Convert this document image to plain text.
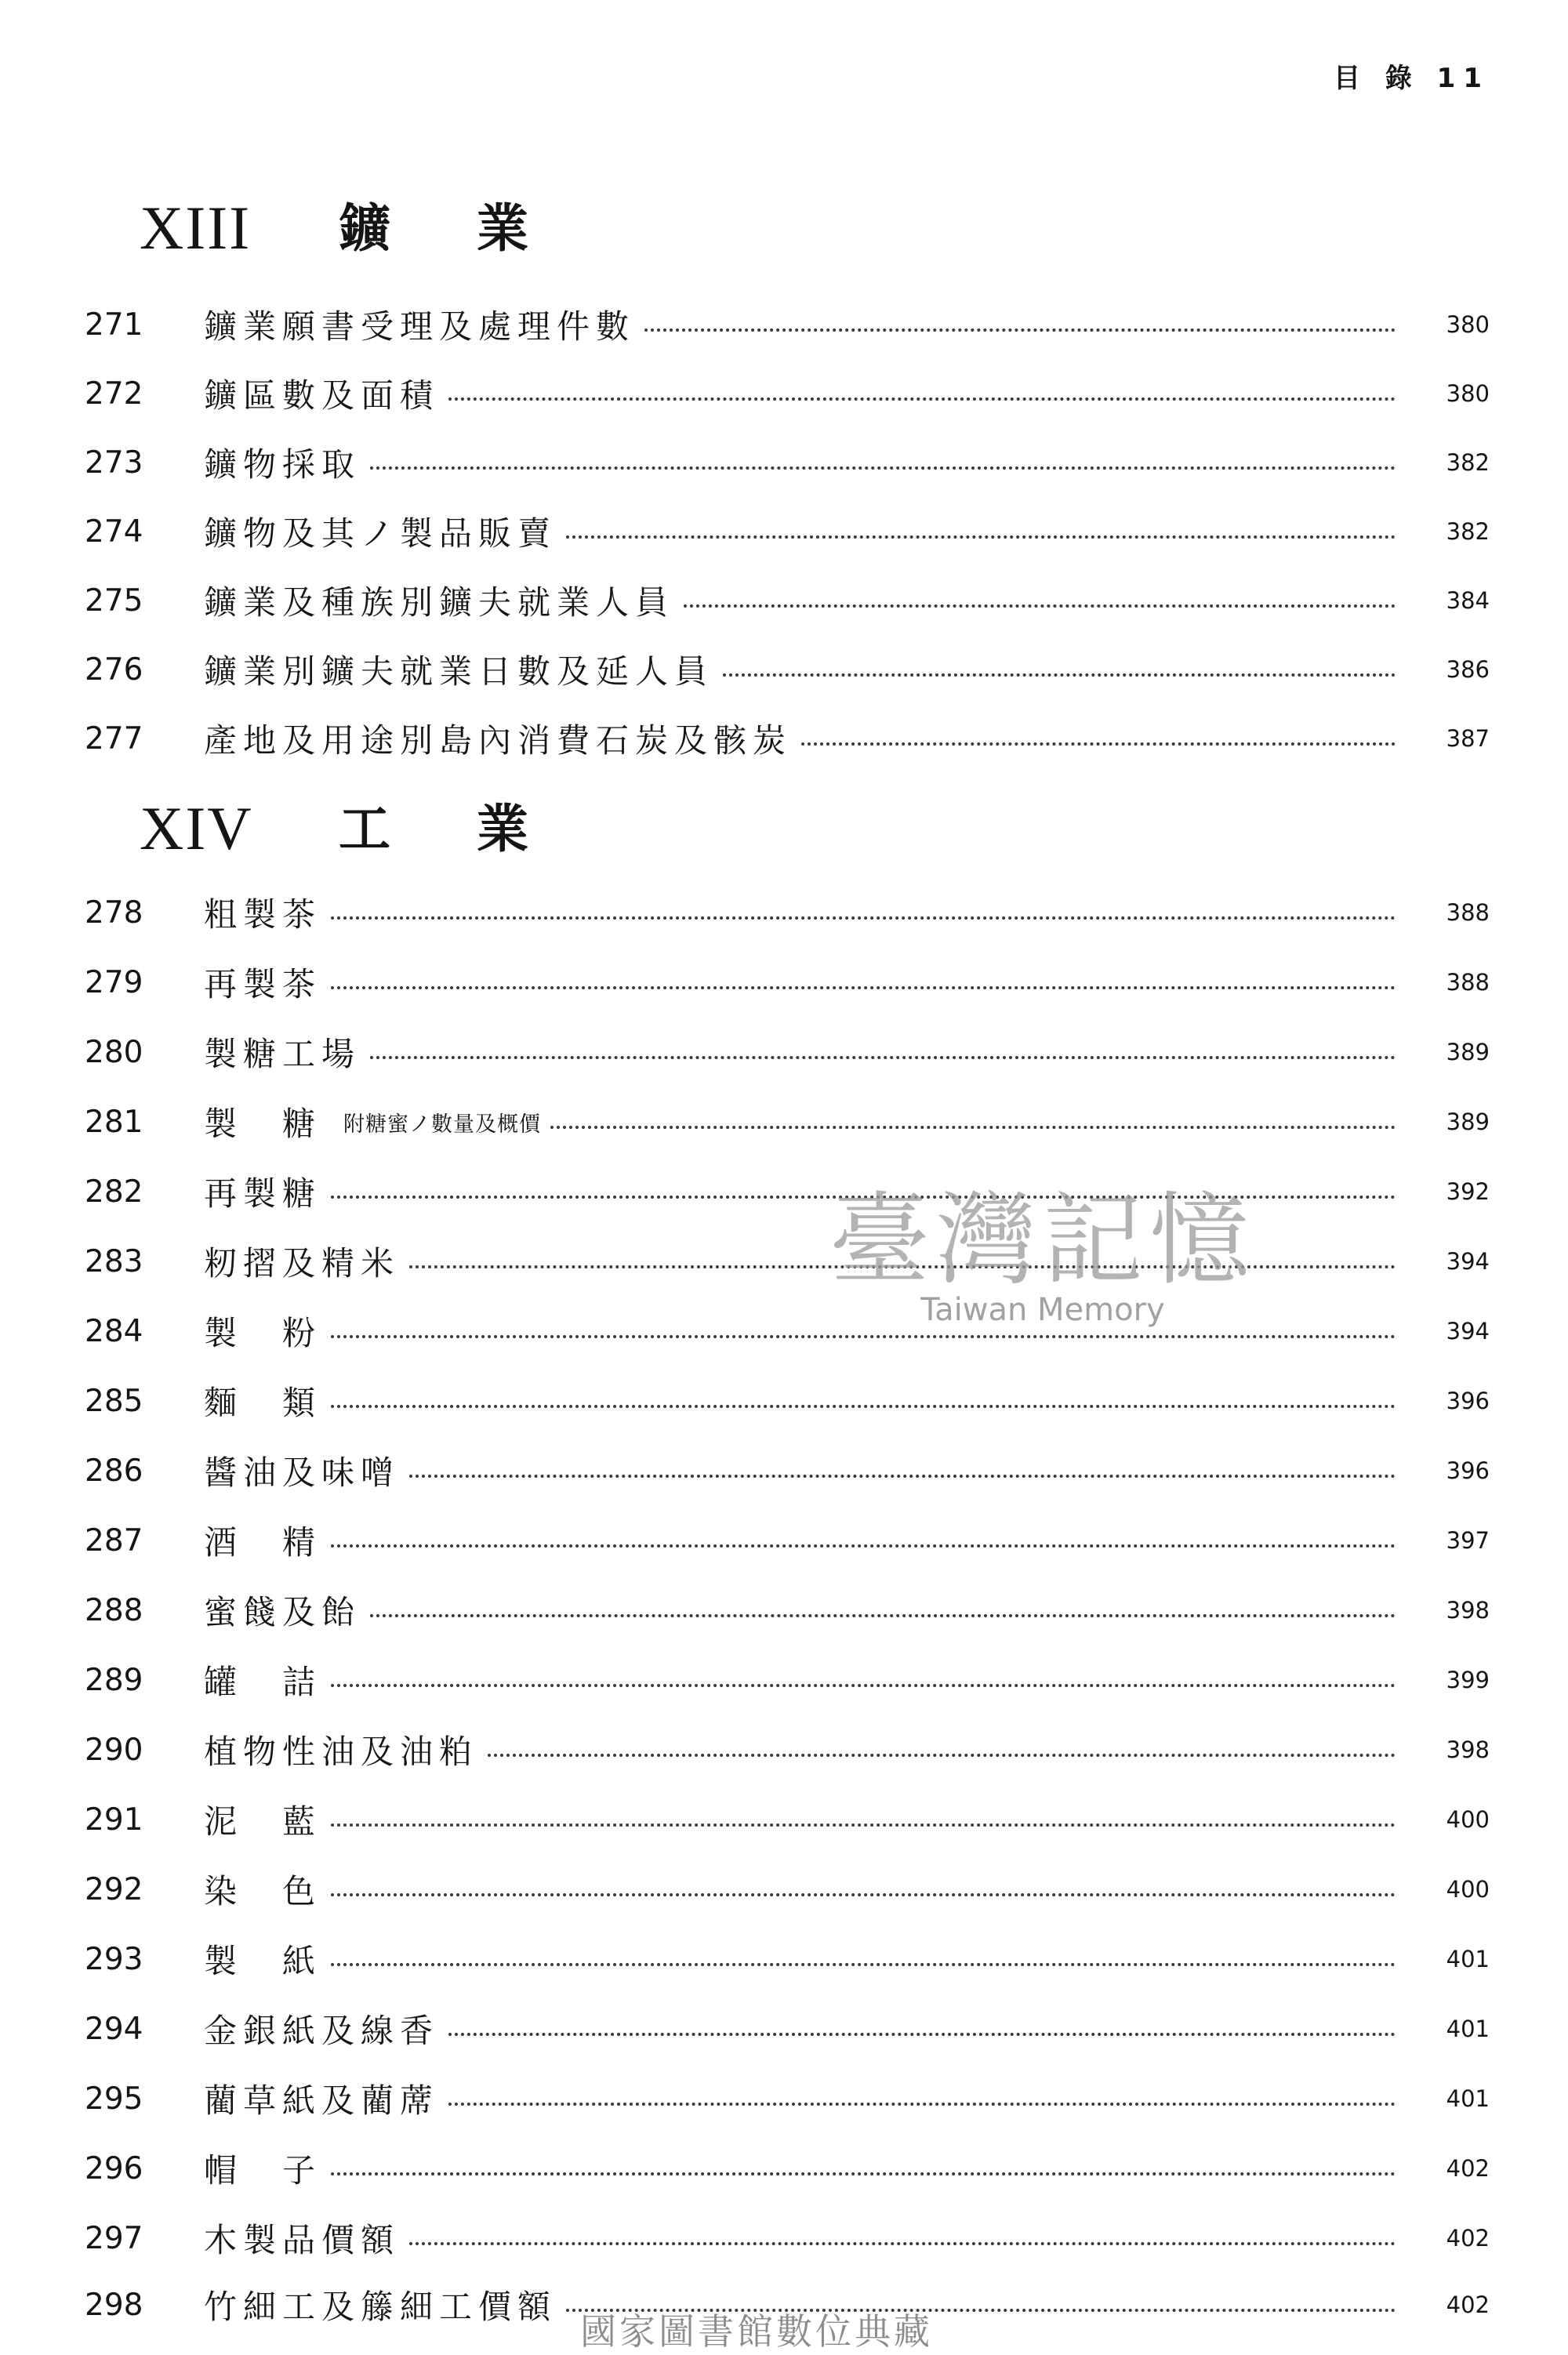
目 錄 11
XIII 鑛業
271	鑛業願書受理及處理件數	380
272	鑛區數及面積	380
273	鑛物採取	382
274	鑛物及其ノ製品販賣	382
275	鑛業及種族別鑛夫就業人員	384
276	鑛業別鑛夫就業日數及延人員	386
277	產地及用途別島內消費石炭及骸炭	387
XIV 工業
278	粗製茶	388
279	再製茶	388
280	製糖工場	389
281	製　糖 附糖蜜ノ數量及概價	389
282	再製糖	392
283	籾摺及精米	394
284	製　粉	394
285	麵　類	396
286	醬油及味噌	396
287	酒　精	397
288	蜜餞及飴	398
289	罐　詰	399
290	植物性油及油粕	398
291	泥　藍	400
292	染　色	400
293	製　紙	401
294	金銀紙及線香	401
295	藺草紙及藺蓆	401
296	帽　子	402
297	木製品價額	402
298	竹細工及籐細工價額	402
臺灣記憶
Taiwan Memory
國家圖書館數位典藏
